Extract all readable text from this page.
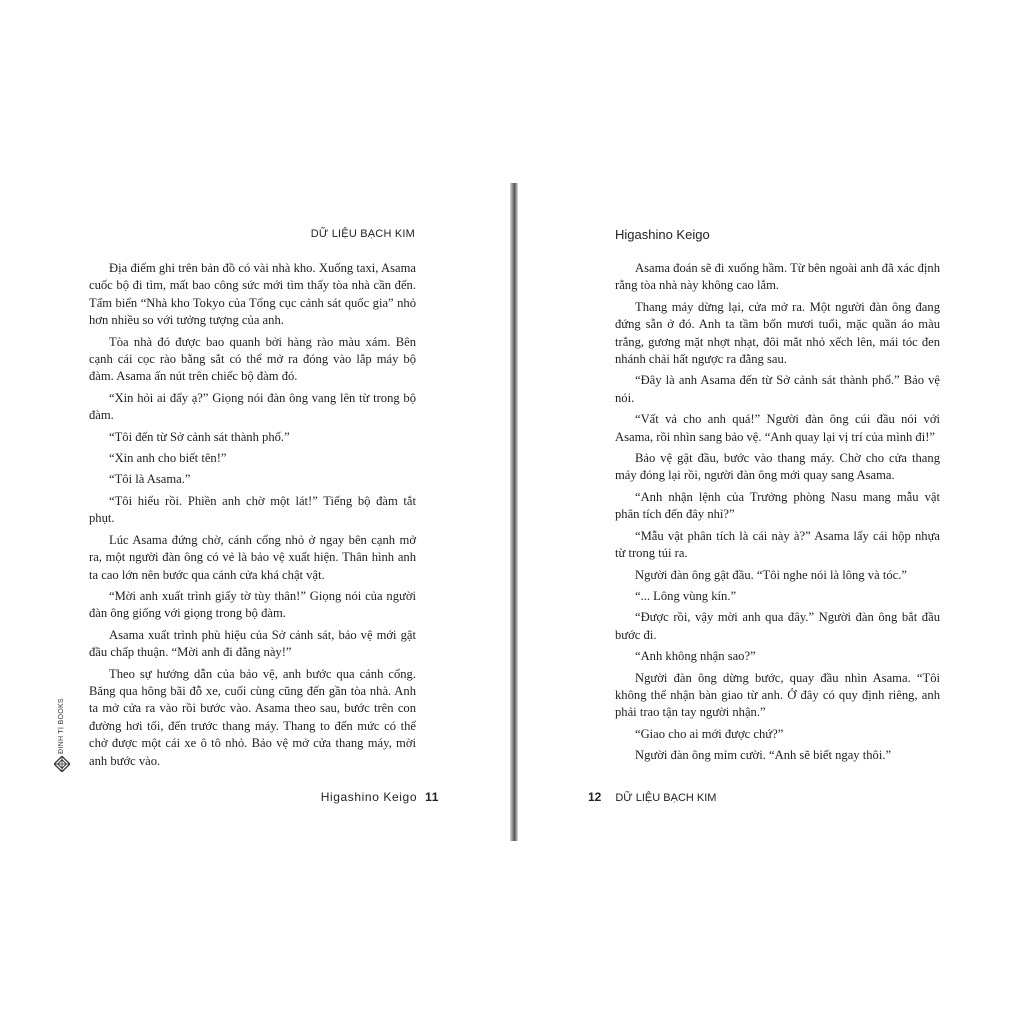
DỮ LIỆU BẠCH KIM

Địa điểm ghi trên bản đồ có vài nhà kho. Xuống taxi, Asama cuốc bộ đi tìm, mất bao công sức mới tìm thấy tòa nhà cần đến. Tấm biển “Nhà kho Tokyo của Tổng cục cảnh sát quốc gia” nhỏ hơn nhiều so với tưởng tượng của anh.

Tòa nhà đó được bao quanh bởi hàng rào màu xám. Bên cạnh cái cọc rào bằng sắt có thể mở ra đóng vào lắp máy bộ đàm. Asama ấn nút trên chiếc bộ đàm đó.

“Xin hỏi ai đấy ạ?” Giọng nói đàn ông vang lên từ trong bộ đàm.

“Tôi đến từ Sở cảnh sát thành phố.”

“Xin anh cho biết tên!”

“Tôi là Asama.”

“Tôi hiểu rồi. Phiền anh chờ một lát!” Tiếng bộ đàm tắt phụt.

Lúc Asama đứng chờ, cánh cổng nhỏ ở ngay bên cạnh mở ra, một người đàn ông có vẻ là bảo vệ xuất hiện. Thân hình anh ta cao lớn nên bước qua cánh cửa khá chật vật.

“Mời anh xuất trình giấy tờ tùy thân!” Giọng nói của người đàn ông giống với giọng trong bộ đàm.

Asama xuất trình phù hiệu của Sở cảnh sát, bảo vệ mới gật đầu chấp thuận. “Mời anh đi đằng này!”

Theo sự hướng dẫn của bảo vệ, anh bước qua cánh cổng. Băng qua hông bãi đỗ xe, cuối cùng cũng đến gần tòa nhà. Anh ta mở cửa ra vào rồi bước vào. Asama theo sau, bước trên con đường hơi tối, đến trước thang máy. Thang to đến mức có thể chở được một cái xe ô tô nhỏ. Bảo vệ mở cửa thang máy, mời anh bước vào.

ĐINH TỊ BOOKS
Higashino Keigo 11
Higashino Keigo

Asama đoán sẽ đi xuống hầm. Từ bên ngoài anh đã xác định rằng tòa nhà này không cao lắm.

Thang máy dừng lại, cửa mở ra. Một người đàn ông đang đứng sẵn ở đó. Anh ta tầm bốn mươi tuổi, mặc quần áo màu trắng, gương mặt nhợt nhạt, đôi mắt nhỏ xếch lên, mái tóc đen nhánh chải hất ngược ra đằng sau.

“Đây là anh Asama đến từ Sở cảnh sát thành phố.” Bảo vệ nói.

“Vất vả cho anh quá!” Người đàn ông cúi đầu nói với Asama, rồi nhìn sang bảo vệ. “Anh quay lại vị trí của mình đi!”

Bảo vệ gật đầu, bước vào thang máy. Chờ cho cửa thang máy đóng lại rồi, người đàn ông mới quay sang Asama.

“Anh nhận lệnh của Trưởng phòng Nasu mang mẫu vật phân tích đến đây nhỉ?”

“Mẫu vật phân tích là cái này à?” Asama lấy cái hộp nhựa từ trong túi ra.

Người đàn ông gật đầu. “Tôi nghe nói là lông và tóc.”

“... Lông vùng kín.”

“Được rồi, vậy mời anh qua đây.” Người đàn ông bắt đầu bước đi.

“Anh không nhận sao?”

Người đàn ông dừng bước, quay đầu nhìn Asama. “Tôi không thể nhận bàn giao từ anh. Ở đây có quy định riêng, anh phải trao tận tay người nhận.”

“Giao cho ai mới được chứ?”

Người đàn ông mỉm cười. “Anh sẽ biết ngay thôi.”

12 DỮ LIỆU BẠCH KIM
